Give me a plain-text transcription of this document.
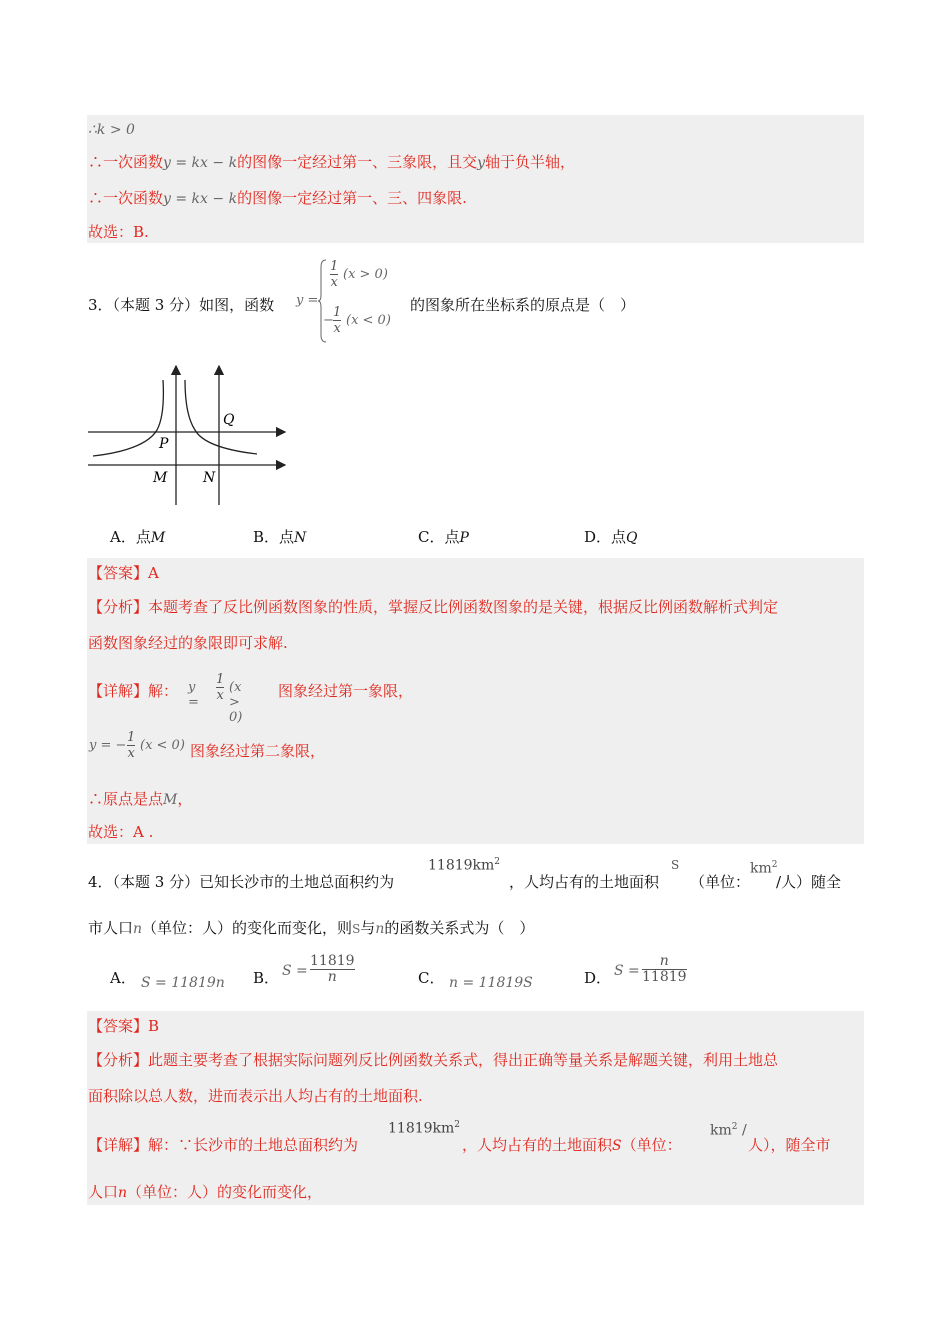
∴k > 0
∴一次函数y = kx − k的图像一定经过第一、三象限，且交y轴于负半轴，
∴一次函数y = kx − k的图像一定经过第一、三、四象限.
故选：B.
3．（本题 3 分）如图，函数 y =
$\frac{1}{x} (x > 0)$
− $\frac{1}{x} (x < 0)$
的图象所在坐标系的原点是（　）
Q
P
M	N
A．点M	B．点N	C．点P	D．点Q
【答案】A
【分析】本题考查了反比例函数图象的性质，掌握反比例函数图象的是关键，根据反比例函数解析式判定
函数图象经过的象限即可求解.
【详解】解： $y = \frac{1}{x} (x > 0)$
图象经过第一象限，
y = − $\frac{1}{x} (x < 0)$ 图象经过第二象限，
∴原点是点M，
故选：A .
4．（本题 3 分）已知长沙市的土地总面积约为
$11819km^2$
，人均占有的土地面积
S
（单位：
$km^2$
/人）随全
市人口n（单位：人）的变化而变化，则S与n的函数关系式为（　）
A． S = 11819n B． $S = \frac{11819}{n}$	C． n = 11819S	D． $S = \frac{n}{11819}$
【答案】B
【分析】此题主要考查了根据实际问题列反比例函数关系式，得出正确等量关系是解题关键，利用土地总
面积除以总人数，进而表示出人均占有的土地面积.
【详解】解：∵长沙市的土地总面积约为
$11819km^2$
，人均占有的土地面积S（单位：
$km^2$ /
人），随全市
人口n（单位：人）的变化而变化，
